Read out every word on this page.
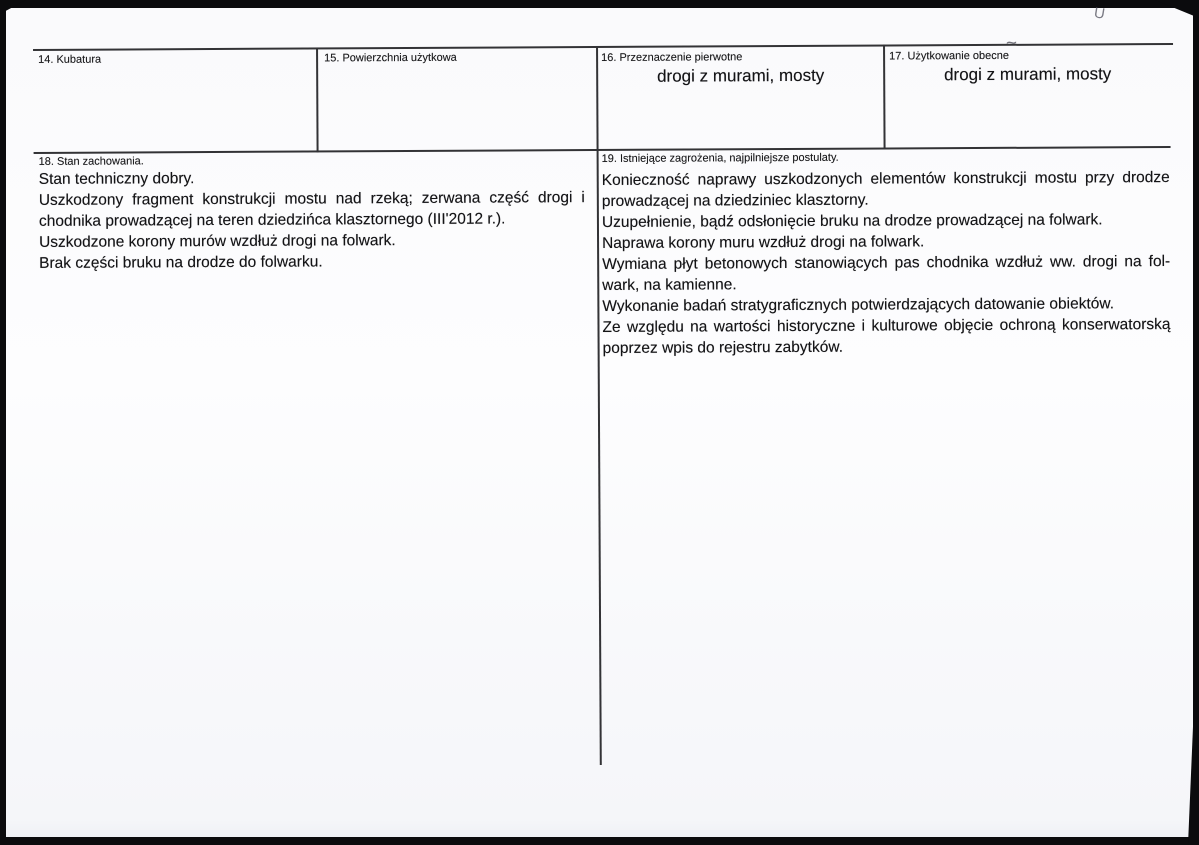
U
14. Kubatura	15. Powierzchnia użytkowa	16. Przeznaczenie pierwotne
drogi z murami, mosty
17. Użytkowanie obecne
drogi z murami, mosty
18. Stan zachowania.

Stan techniczny dobry.

Uszkodzony fragment konstrukcji mostu nad rzeką; zerwana część drogi i chodnika prowadzącej na teren dziedzińca klasztornego (III'2012 r.).

Uszkodzone korony murów wzdłuż drogi na folwark.

Brak części bruku na drodze do folwarku.

19. Istniejące zagrożenia, najpilniejsze postulaty.

Konieczność naprawy uszkodzonych elementów konstrukcji mostu przy drodze prowadzącej na dziedziniec klasztorny.

Uzupełnienie, bądź odsłonięcie bruku na drodze prowadzącej na folwark.

Naprawa korony muru wzdłuż drogi na folwark.

Wymiana płyt betonowych stanowiących pas chodnika wzdłuż ww. drogi na fol-wark, na kamienne.

Wykonanie badań stratygraficznych potwierdzających datowanie obiektów.

Ze względu na wartości historyczne i kulturowe objęcie ochroną konserwatorską poprzez wpis do rejestru zabytków.
